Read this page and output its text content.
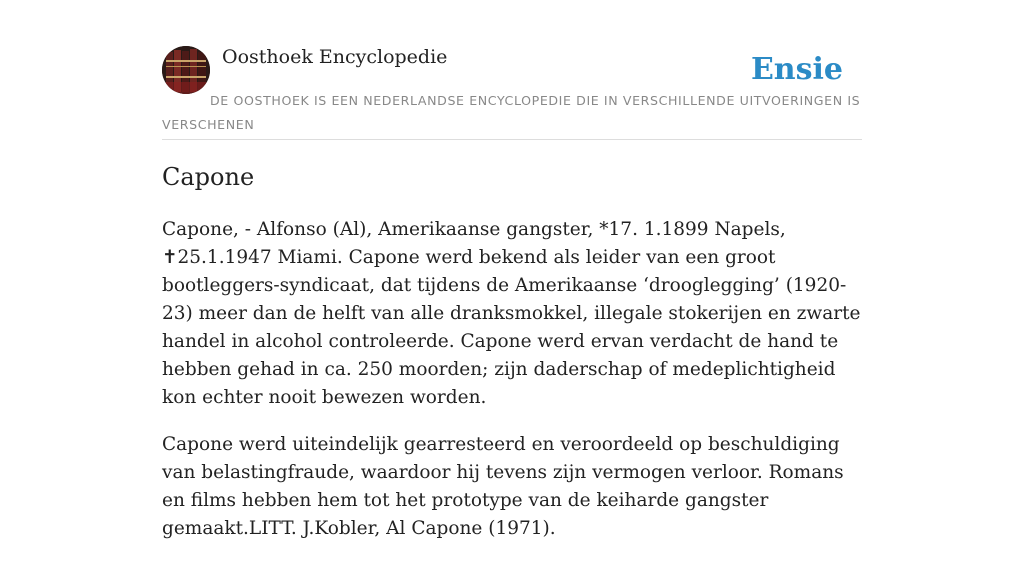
Oosthoek Encyclopedie	Ensie
DE OOSTHOEK IS EEN NEDERLANDSE ENCYCLOPEDIE DIE IN VERSCHILLENDE UITVOERINGEN IS VERSCHENEN
Capone

Capone, - Alfonso (Al), Amerikaanse gangster, *17. 1.1899 Napels, ✝25.1.1947 Miami. Capone werd bekend als leider van een groot bootleggers-syndicaat, dat tijdens de Amerikaanse ‘drooglegging’ (1920-23) meer dan de helft van alle dranksmokkel, illegale stokerijen en zwarte handel in alcohol controleerde. Capone werd ervan verdacht de hand te hebben gehad in ca. 250 moorden; zijn daderschap of medeplichtigheid kon echter nooit bewezen worden.

Capone werd uiteindelijk gearresteerd en veroordeeld op beschuldiging van belastingfraude, waardoor hij tevens zijn vermogen verloor. Romans en films hebben hem tot het prototype van de keiharde gangster gemaakt.LITT. J.Kobler, Al Capone (1971).
